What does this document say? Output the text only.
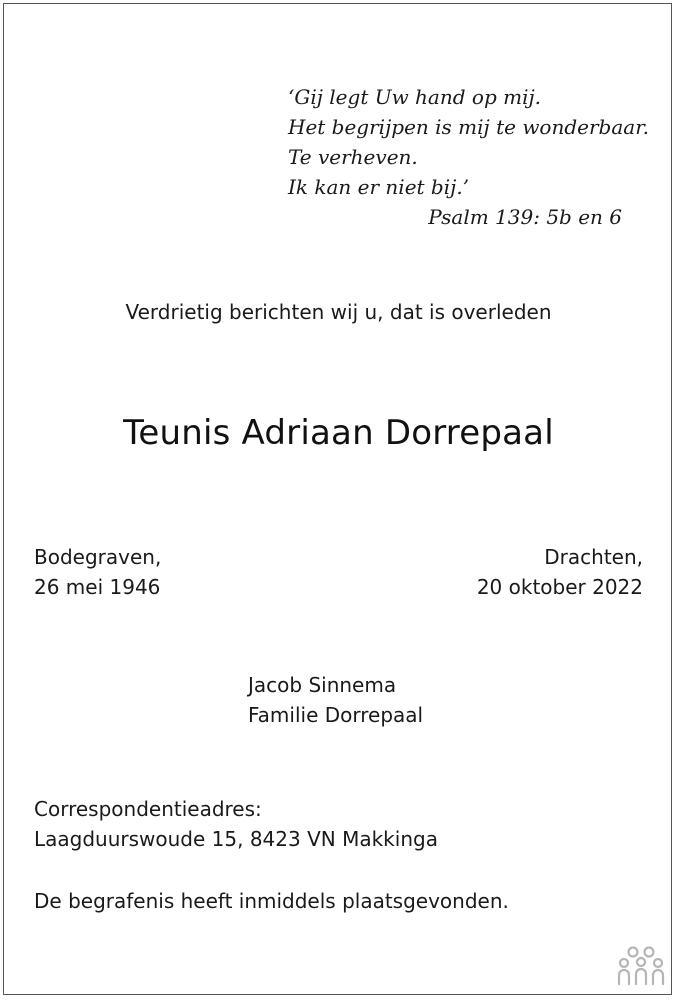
‘Gij legt Uw hand op mij.
Het begrijpen is mij te wonderbaar.
Te verheven.
Ik kan er niet bij.’
Psalm 139: 5b en 6
Verdrietig berichten wij u, dat is overleden
Teunis Adriaan Dorrepaal
Bodegraven,
26 mei 1946
Drachten,
20 oktober 2022
Jacob Sinnema
Familie Dorrepaal
Correspondentieadres:
Laagduurswoude 15, 8423 VN Makkinga
De begrafenis heeft inmiddels plaatsgevonden.
